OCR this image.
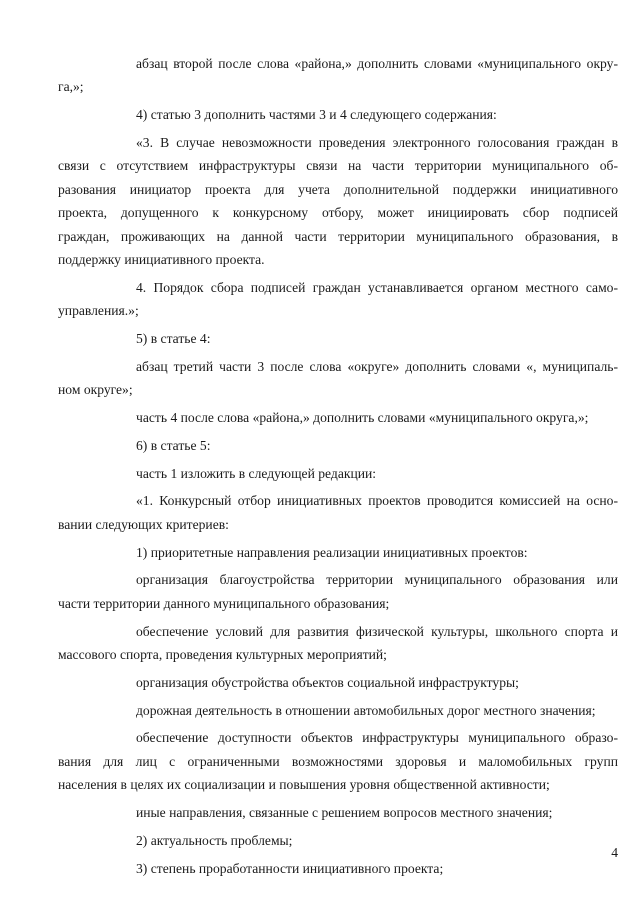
абзац второй после слова «района,» дополнить словами «муниципального окру-
га,»;

4) статью 3 дополнить частями 3 и 4 следующего содержания:

«3. В случае невозможности проведения электронного голосования граждан в
связи с отсутствием инфраструктуры связи на части территории муниципального об-
разования инициатор проекта для учета дополнительной поддержки инициативного
проекта, допущенного к конкурсному отбору, может инициировать сбор подписей
граждан, проживающих на данной части территории муниципального образования, в
поддержку инициативного проекта.

4. Порядок сбора подписей граждан устанавливается органом местного само-
управления.»;

5) в статье 4:

абзац третий части 3 после слова «округе» дополнить словами «, муниципаль-
ном округе»;

часть 4 после слова «района,» дополнить словами «муниципального округа,»;

6) в статье 5:

часть 1 изложить в следующей редакции:

«1. Конкурсный отбор инициативных проектов проводится комиссией на осно-
вании следующих критериев:

1) приоритетные направления реализации инициативных проектов:

организация благоустройства территории муниципального образования или
части территории данного муниципального образования;

обеспечение условий для развития физической культуры, школьного спорта и
массового спорта, проведения культурных мероприятий;

организация обустройства объектов социальной инфраструктуры;

дорожная деятельность в отношении автомобильных дорог местного значения;

обеспечение доступности объектов инфраструктуры муниципального образо-
вания для лиц с ограниченными возможностями здоровья и маломобильных групп
населения в целях их социализации и повышения уровня общественной активности;

иные направления, связанные с решением вопросов местного значения;

2) актуальность проблемы;

3) степень проработанности инициативного проекта;

4
